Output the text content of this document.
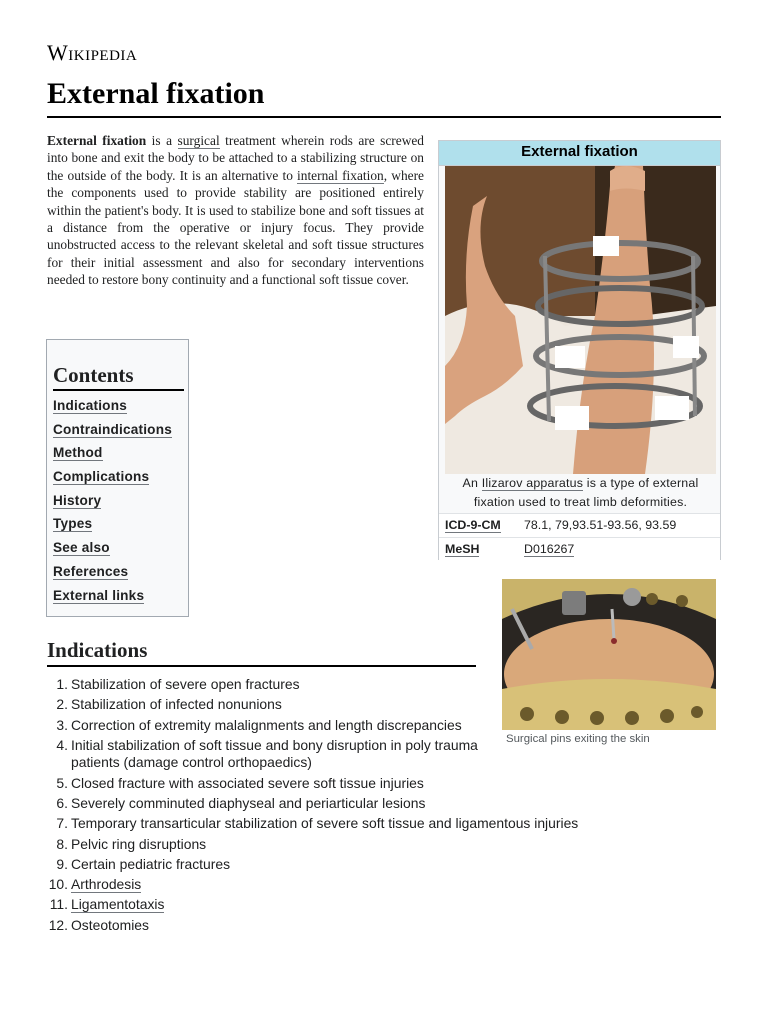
Wikipedia
External fixation

External fixation is a surgical treatment wherein rods are screwed into bone and exit the body to be attached to a stabilizing structure on the outside of the body. It is an alternative to internal fixation, where the components used to provide stability are positioned entirely within the patient's body. It is used to stabilize bone and soft tissues at a distance from the operative or injury focus. They provide unobstructed access to the relevant skeletal and soft tissue structures for their initial assessment and also for secondary interventions needed to restore bony continuity and a functional soft tissue cover.

External fixation
An Ilizarov apparatus is a type of external fixation used to treat limb deformities.
ICD-9-CM 78.1, 79,93.51-93.56, 93.59
MeSH	D016267
Contents
Indications
Contraindications
Method
Complications
History
Types
See also
References
External links
Indications
1. Stabilization of severe open fractures
2. Stabilization of infected nonunions
3. Correction of extremity malalignments and length discrepancies
4. Initial stabilization of soft tissue and bony disruption in poly trauma patients (damage control orthopaedics)
5. Closed fracture with associated severe soft tissue injuries
6. Severely comminuted diaphyseal and periarticular lesions
7. Temporary transarticular stabilization of severe soft tissue and ligamentous injuries
8. Pelvic ring disruptions
9. Certain pediatric fractures
10. Arthrodesis
11. Ligamentotaxis
12. Osteotomies
Surgical pins exiting the skin
